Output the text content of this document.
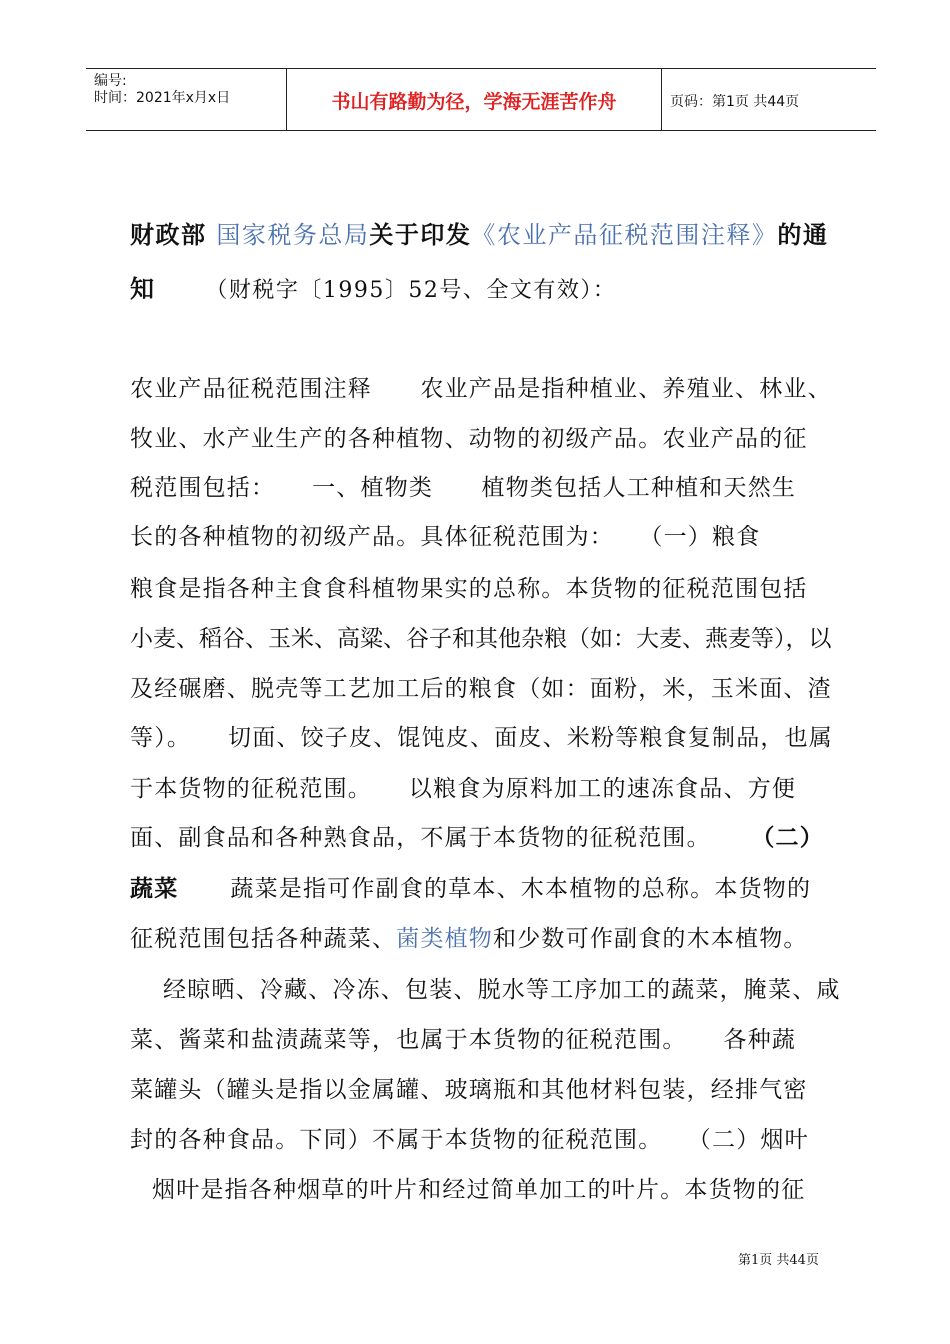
编号:
时间：2021年x月x日	书山有路勤为径，学海无涯苦作舟	页码：第1页 共44页
财政部 国家税务总局关于印发《农业产品征税范围注释》的通
知 （财税字〔1995〕52号、全文有效）：
农业产品征税范围注释　　农业产品是指种植业、养殖业、林业、
牧业、水产业生产的各种植物、动物的初级产品。农业产品的征
税范围包括：　　一、植物类　　植物类包括人工种植和天然生
长的各种植物的初级产品。具体征税范围为：　　（一）粮食
粮食是指各种主食食科植物果实的总称。本货物的征税范围包括
小麦、稻谷、玉米、高粱、谷子和其他杂粮（如：大麦、燕麦等），以
及经碾磨、脱壳等工艺加工后的粮食（如：面粉，米，玉米面、渣
等）。　　切面、饺子皮、馄饨皮、面皮、米粉等粮食复制品，也属
于本货物的征税范围。　　以粮食为原料加工的速冻食品、方便
面、副食品和各种熟食品，不属于本货物的征税范围。 （二）
蔬菜 蔬菜是指可作副食的草本、木本植物的总称。本货物的
征税范围包括各种蔬菜、菌类植物和少数可作副食的木本植物。
经晾晒、冷藏、冷冻、包装、脱水等工序加工的蔬菜，腌菜、咸
菜、酱菜和盐渍蔬菜等，也属于本货物的征税范围。　　各种蔬
菜罐头（罐头是指以金属罐、玻璃瓶和其他材料包装，经排气密
封的各种食品。下同）不属于本货物的征税范围。　　（二）烟叶
烟叶是指各种烟草的叶片和经过简单加工的叶片。本货物的征
第1页 共44页
